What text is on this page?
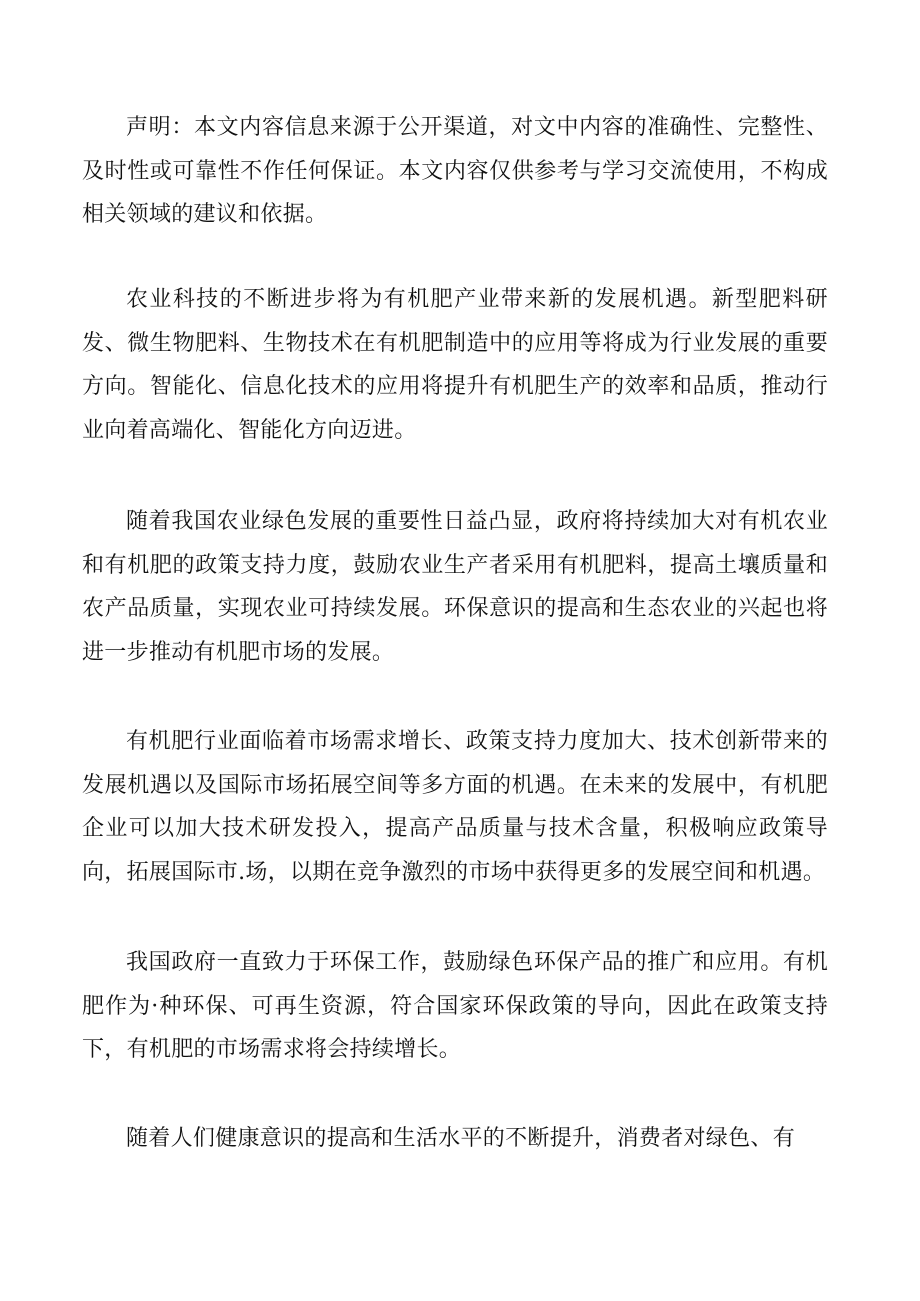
声明：本文内容信息来源于公开渠道，对文中内容的准确性、完整性、及时性或可靠性不作任何保证。本文内容仅供参考与学习交流使用，不构成相关领域的建议和依据。

农业科技的不断进步将为有机肥产业带来新的发展机遇。新型肥料研发、微生物肥料、生物技术在有机肥制造中的应用等将成为行业发展的重要方向。智能化、信息化技术的应用将提升有机肥生产的效率和品质，推动行业向着高端化、智能化方向迈进。

随着我国农业绿色发展的重要性日益凸显，政府将持续加大对有机农业和有机肥的政策支持力度，鼓励农业生产者采用有机肥料，提高土壤质量和农产品质量，实现农业可持续发展。环保意识的提高和生态农业的兴起也将进一步推动有机肥市场的发展。

有机肥行业面临着市场需求增长、政策支持力度加大、技术创新带来的发展机遇以及国际市场拓展空间等多方面的机遇。在未来的发展中，有机肥企业可以加大技术研发投入，提高产品质量与技术含量，积极响应政策导向，拓展国际市.场，以期在竞争激烈的市场中获得更多的发展空间和机遇。

我国政府一直致力于环保工作，鼓励绿色环保产品的推广和应用。有机肥作为·种环保、可再生资源，符合国家环保政策的导向，因此在政策支持下，有机肥的市场需求将会持续增长。

随着人们健康意识的提高和生活水平的不断提升，消费者对绿色、有
